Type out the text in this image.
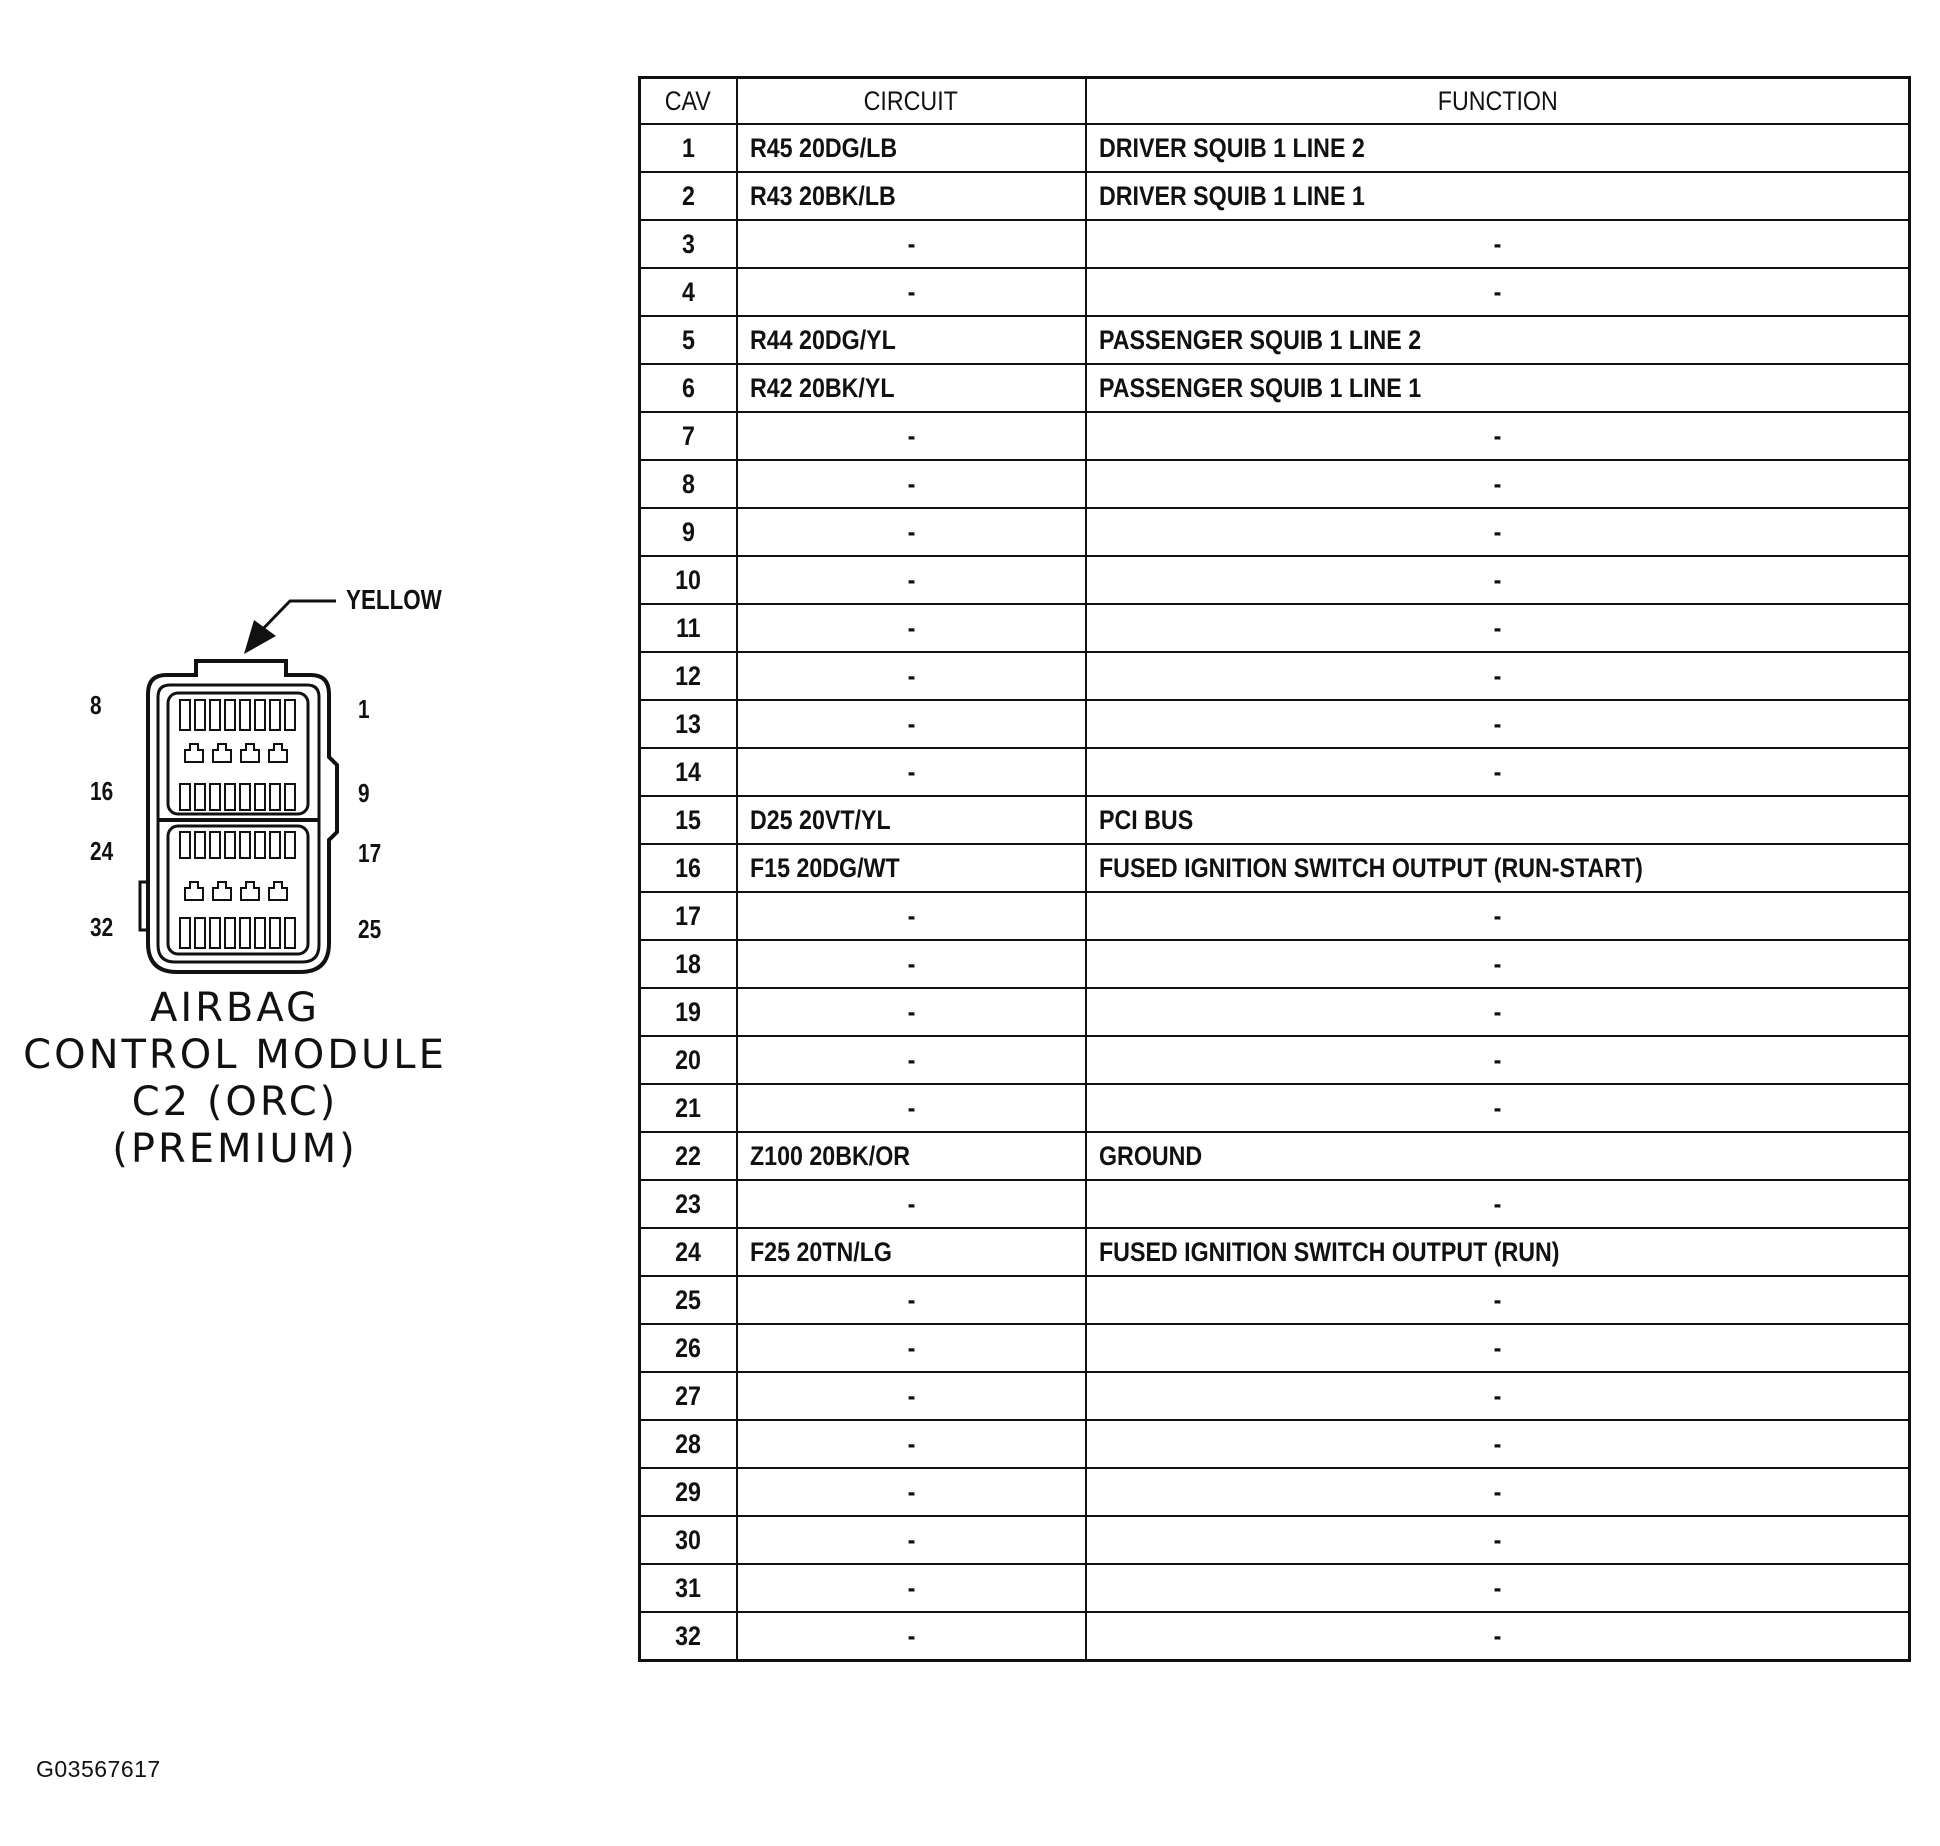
YELLOW
8	1
16	9
24	17
32	25
AIRBAG
CONTROL MODULE
C2 (ORC)
(PREMIUM)
G03567617
CAV	CIRCUIT	FUNCTION
1	R45 20DG/LB	DRIVER SQUIB 1 LINE 2
2	R43 20BK/LB	DRIVER SQUIB 1 LINE 1
3	-	-
4	-	-
5	R44 20DG/YL	PASSENGER SQUIB 1 LINE 2
6	R42 20BK/YL	PASSENGER SQUIB 1 LINE 1
7	-	-
8	-	-
9	-	-
10	-	-
11	-	-
12	-	-
13	-	-
14	-	-
15	D25 20VT/YL	PCI BUS
16	F15 20DG/WT	FUSED IGNITION SWITCH OUTPUT (RUN-START)
17	-	-
18	-	-
19	-	-
20	-	-
21	-	-
22	Z100 20BK/OR	GROUND
23	-	-
24	F25 20TN/LG	FUSED IGNITION SWITCH OUTPUT (RUN)
25	-	-
26	-	-
27	-	-
28	-	-
29	-	-
30	-	-
31	-	-
32	-	-
